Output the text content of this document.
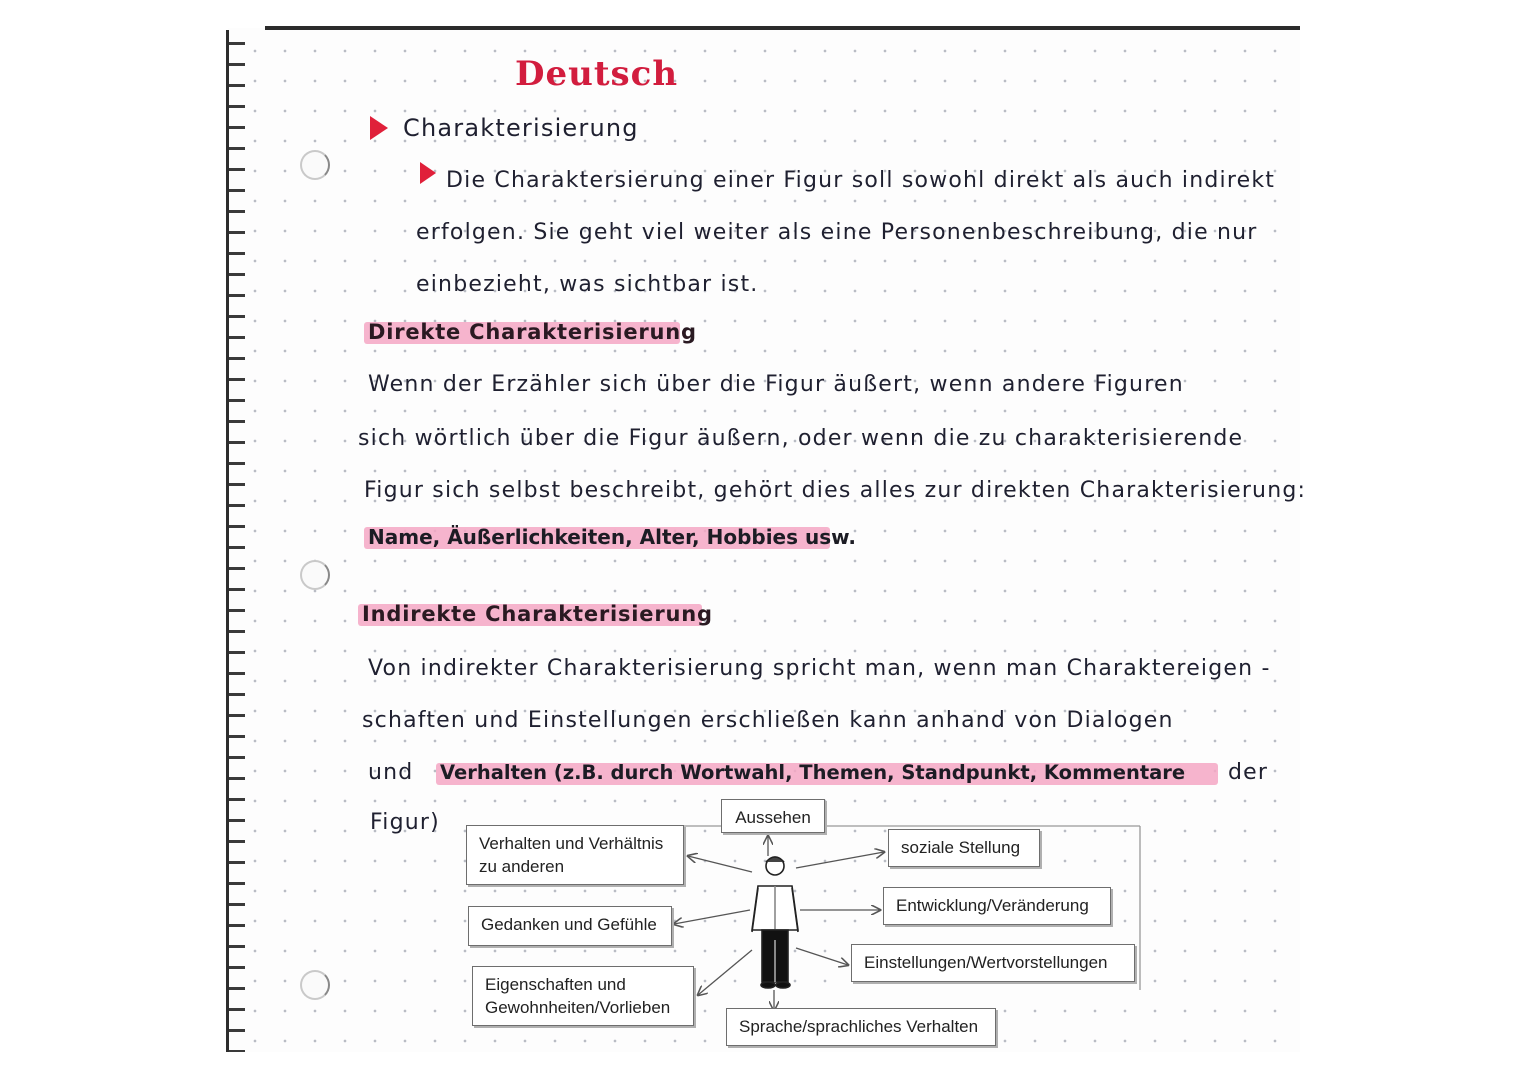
Deutsch
Charakterisierung
Die Charaktersierung einer Figur soll sowohl direkt als auch indirekt
erfolgen. Sie geht viel weiter als eine Personenbeschreibung, die nur
einbezieht, was sichtbar ist.
Direkte Charakterisierung
Wenn der Erzähler sich über die Figur äußert, wenn andere Figuren
sich wörtlich über die Figur äußern, oder wenn die zu charakterisierende
Figur sich selbst beschreibt, gehört dies alles zur direkten Charakterisierung:
Name, Äußerlichkeiten, Alter, Hobbies usw.
Indirekte Charakterisierung
Von indirekter Charakterisierung spricht man, wenn man Charaktereigen -
schaften und Einstellungen erschließen kann anhand von Dialogen
und Verhalten (z.B. durch Wortwahl, Themen, Standpunkt, Kommentare der
Figur)	Aussehen
Verhalten und Verhältnis
zu anderen
Gedanken und Gefühle
Eigenschaften und
Gewohnheiten/Vorlieben
soziale Stellung
Entwicklung/Veränderung
Einstellungen/Wertvorstellungen
Sprache/sprachliches Verhalten
